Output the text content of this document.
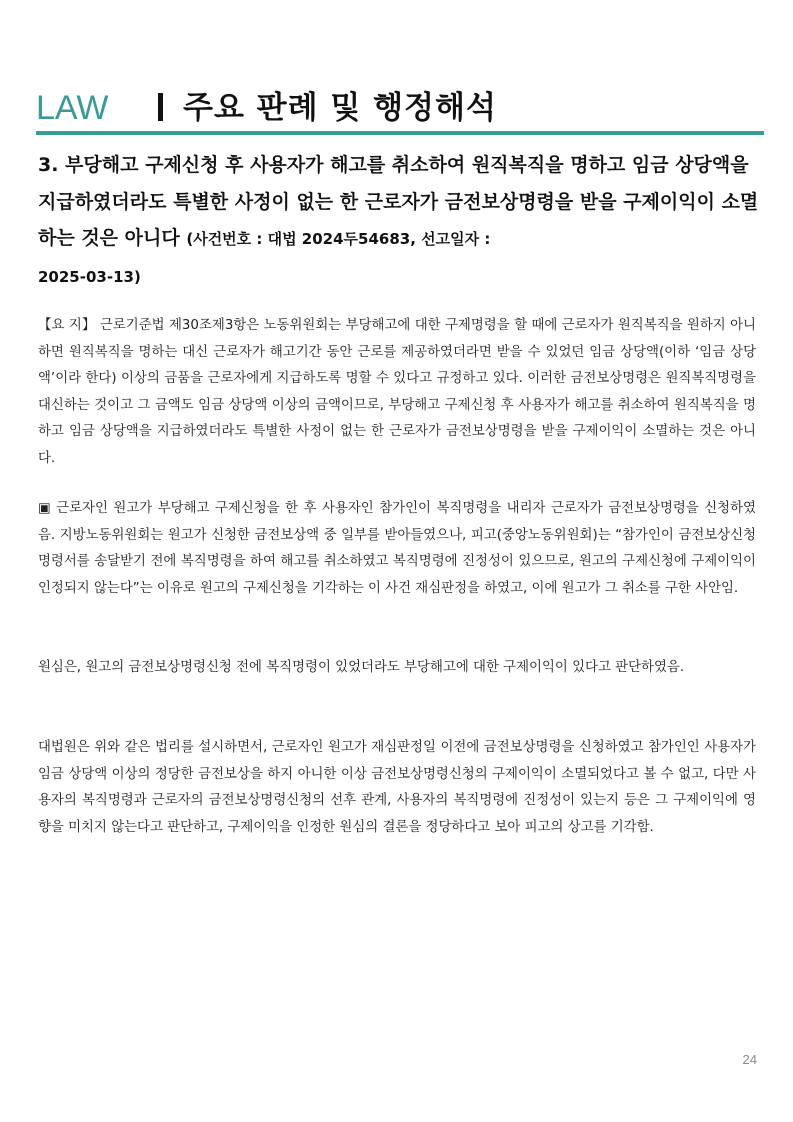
LAW 주요 판례 및 행정해석
3. 부당해고 구제신청 후 사용자가 해고를 취소하여 원직복직을 명하고 임금 상당액을 지급하였더라도 특별한 사정이 없는 한 근로자가 금전보상명령을 받을 구제이익이 소멸하는 것은 아니다 (사건번호 : 대법 2024두54683, 선고일자 :
2025-03-13)
【요 지】 근로기준법 제30조제3항은 노동위원회는 부당해고에 대한 구제명령을 할 때에 근로자가 원직복직을 원하지 아니하면 원직복직을 명하는 대신 근로자가 해고기간 동안 근로를 제공하였더라면 받을 수 있었던 임금 상당액(이하 ‘임금 상당액’이라 한다) 이상의 금품을 근로자에게 지급하도록 명할 수 있다고 규정하고 있다. 이러한 금전보상명령은 원직복직명령을 대신하는 것이고 그 금액도 임금 상당액 이상의 금액이므로, 부당해고 구제신청 후 사용자가 해고를 취소하여 원직복직을 명하고 임금 상당액을 지급하였더라도 특별한 사정이 없는 한 근로자가 금전보상명령을 받을 구제이익이 소멸하는 것은 아니다.
▣ 근로자인 원고가 부당해고 구제신청을 한 후 사용자인 참가인이 복직명령을 내리자 근로자가 금전보상명령을 신청하였음. 지방노동위원회는 원고가 신청한 금전보상액 중 일부를 받아들였으나, 피고(중앙노동위원회)는 “참가인이 금전보상신청명령서를 송달받기 전에 복직명령을 하여 해고를 취소하였고 복직명령에 진정성이 있으므로, 원고의 구제신청에 구제이익이 인정되지 않는다”는 이유로 원고의 구제신청을 기각하는 이 사건 재심판정을 하였고, 이에 원고가 그 취소를 구한 사안임.
원심은, 원고의 금전보상명령신청 전에 복직명령이 있었더라도 부당해고에 대한 구제이익이 있다고 판단하였음.
대법원은 위와 같은 법리를 설시하면서, 근로자인 원고가 재심판정일 이전에 금전보상명령을 신청하였고 참가인인 사용자가 임금 상당액 이상의 정당한 금전보상을 하지 아니한 이상 금전보상명령신청의 구제이익이 소멸되었다고 볼 수 없고, 다만 사용자의 복직명령과 근로자의 금전보상명령신청의 선후 관계, 사용자의 복직명령에 진정성이 있는지 등은 그 구제이익에 영향을 미치지 않는다고 판단하고, 구제이익을 인정한 원심의 결론을 정당하다고 보아 피고의 상고를 기각함.
24
